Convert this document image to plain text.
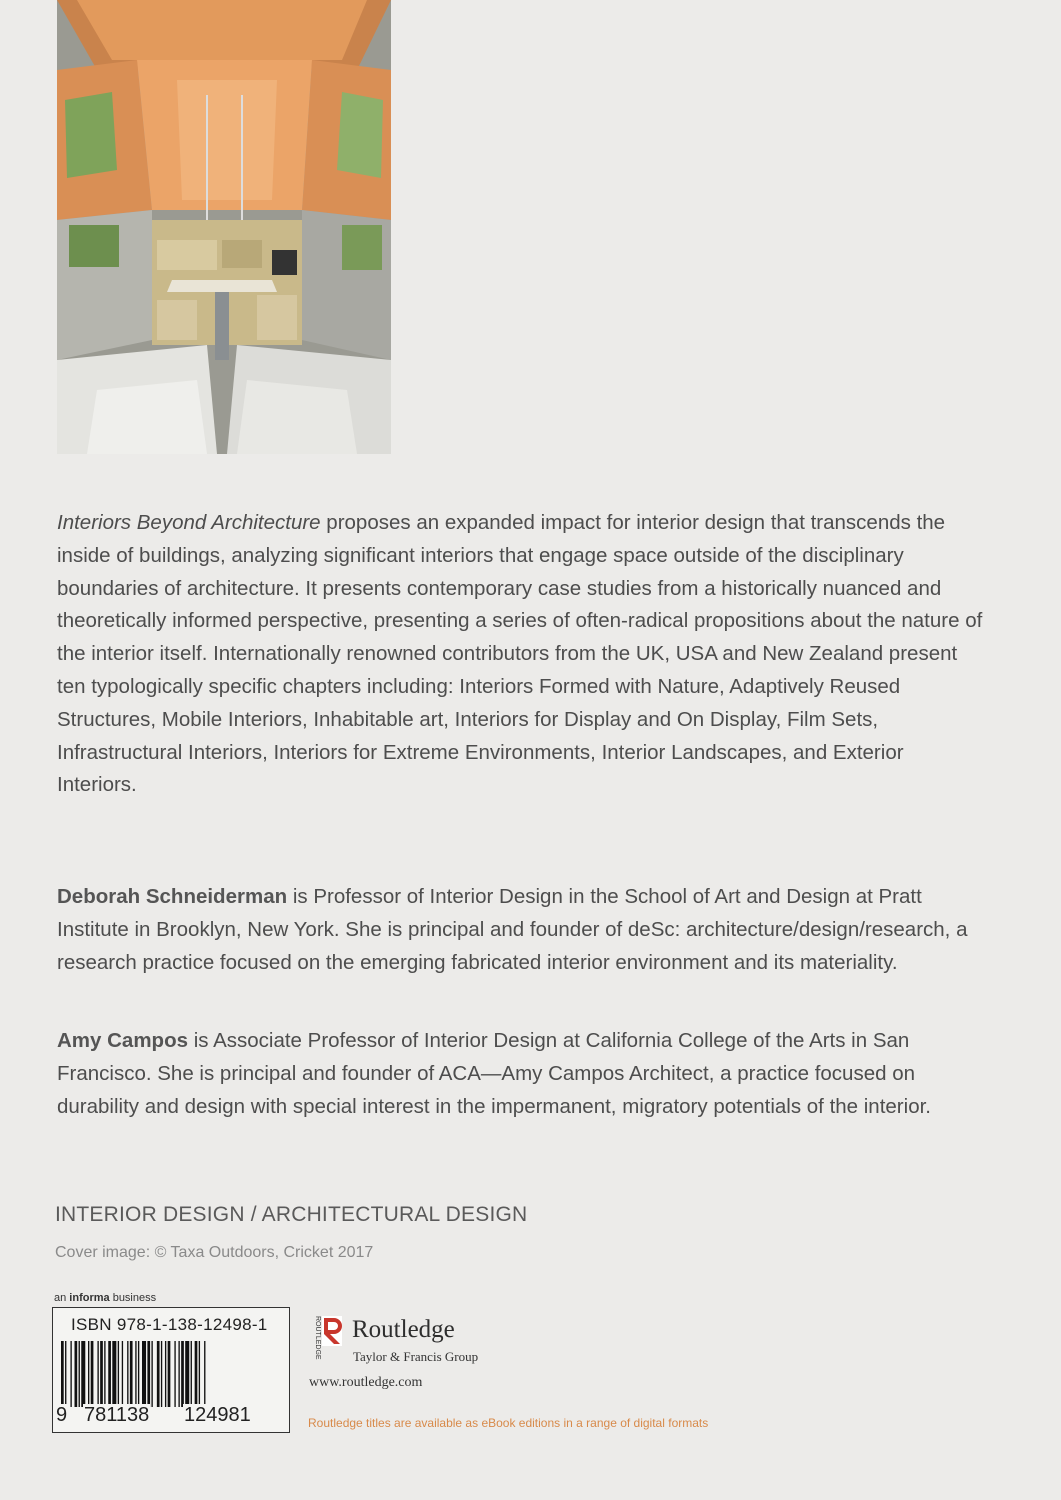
Interiors Beyond Architecture proposes an expanded impact for interior design that transcends the inside of buildings, analyzing significant interiors that engage space outside of the disciplinary boundaries of architecture. It presents contemporary case studies from a historically nuanced and theoretically informed perspective, presenting a series of often-radical propositions about the nature of the interior itself. Internationally renowned contributors from the UK, USA and New Zealand present ten typologically specific chapters including: Interiors Formed with Nature, Adaptively Reused Structures, Mobile Interiors, Inhabitable art, Interiors for Display and On Display, Film Sets, Infrastructural Interiors, Interiors for Extreme Environments, Interior Landscapes, and Exterior Interiors.

Deborah Schneiderman is Professor of Interior Design in the School of Art and Design at Pratt Institute in Brooklyn, New York. She is principal and founder of deSc: architecture/design/research, a research practice focused on the emerging fabricated interior environment and its materiality.

Amy Campos is Associate Professor of Interior Design at California College of the Arts in San Francisco. She is principal and founder of ACA—Amy Campos Architect, a practice focused on durability and design with special interest in the impermanent, migratory potentials of the interior.

INTERIOR DESIGN / ARCHITECTURAL DESIGN
Cover image: © Taxa Outdoors, Cricket 2017
an informa business
ISBN 978-1-138-12498-1
9 781138 124981
ROUTLEDGE Routledge
Taylor & Francis Group
www.routledge.com
Routledge titles are available as eBook editions in a range of digital formats
